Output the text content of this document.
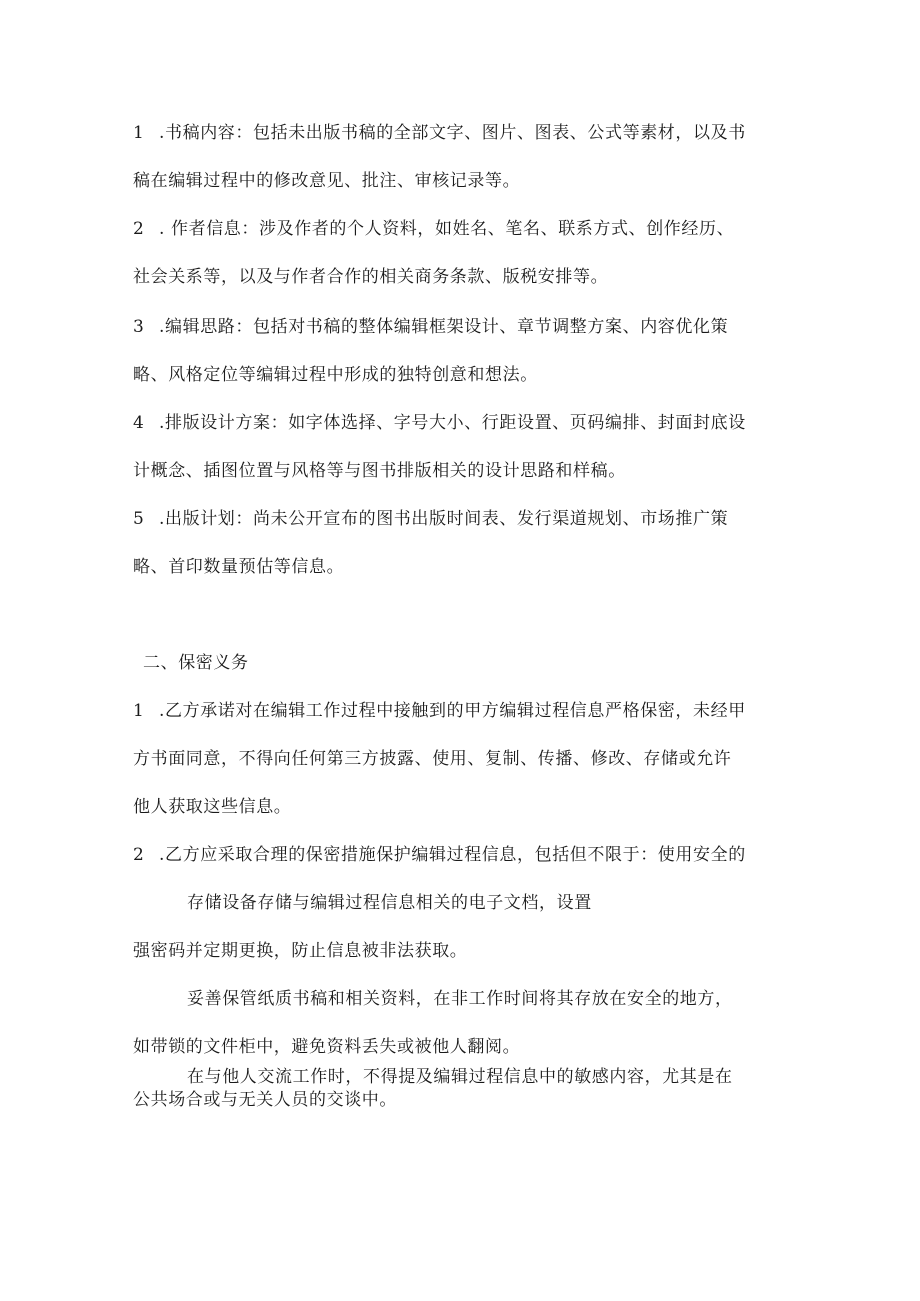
1 .书稿内容：包括未出版书稿的全部文字、图片、图表、公式等素材，以及书
稿在编辑过程中的修改意见、批注、审核记录等。
2 . 作者信息：涉及作者的个人资料，如姓名、笔名、联系方式、创作经历、
社会关系等，以及与作者合作的相关商务条款、版税安排等。
3 .编辑思路：包括对书稿的整体编辑框架设计、章节调整方案、内容优化策
略、风格定位等编辑过程中形成的独特创意和想法。
4 .排版设计方案：如字体选择、字号大小、行距设置、页码编排、封面封底设
计概念、插图位置与风格等与图书排版相关的设计思路和样稿。
5 .出版计划：尚未公开宣布的图书出版时间表、发行渠道规划、市场推广策
略、首印数量预估等信息。
二、保密义务
1 .乙方承诺对在编辑工作过程中接触到的甲方编辑过程信息严格保密，未经甲
方书面同意，不得向任何第三方披露、使用、复制、传播、修改、存储或允许
他人获取这些信息。
2 .乙方应采取合理的保密措施保护编辑过程信息，包括但不限于：使用安全的
存储设备存储与编辑过程信息相关的电子文档，设置
强密码并定期更换，防止信息被非法获取。
妥善保管纸质书稿和相关资料，在非工作时间将其存放在安全的地方，
如带锁的文件柜中，避免资料丢失或被他人翻阅。
在与他人交流工作时，不得提及编辑过程信息中的敏感内容，尤其是在
公共场合或与无关人员的交谈中。
